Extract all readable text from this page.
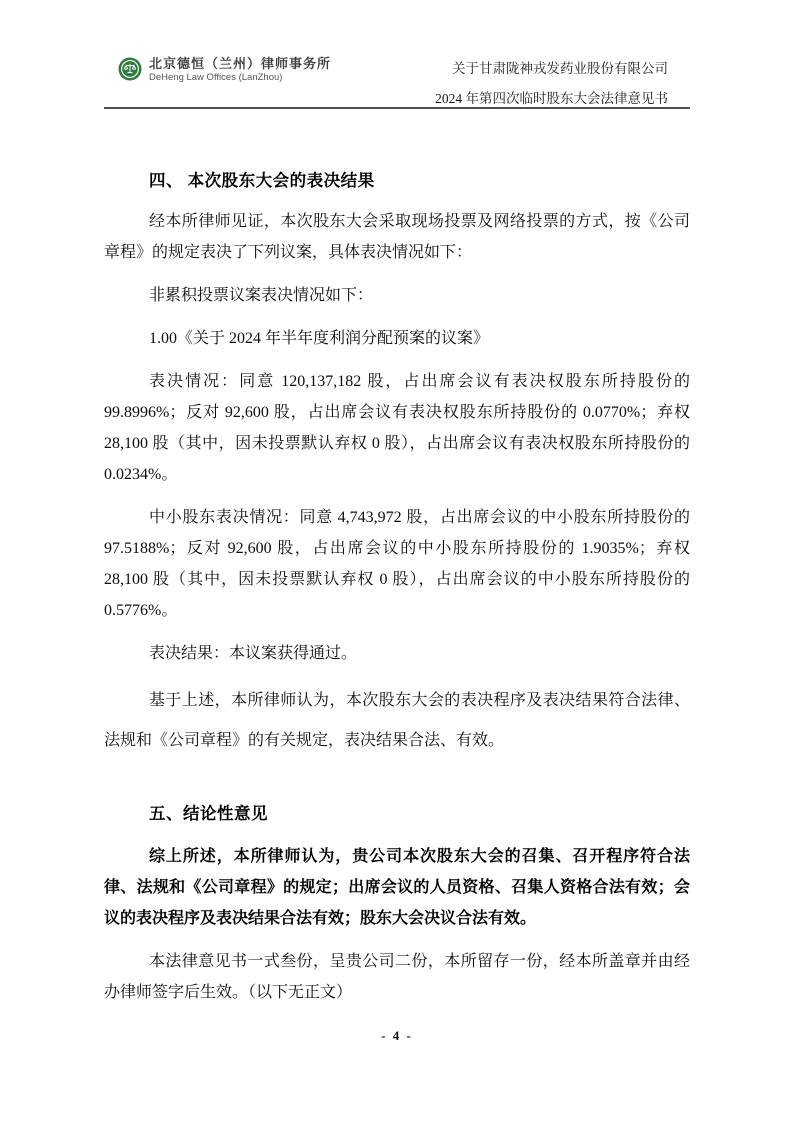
北京德恒（兰州）律师事务所
DeHeng Law Offices (LanZhou)
关于甘肃陇神戎发药业股份有限公司
2024 年第四次临时股东大会法律意见书
四、 本次股东大会的表决结果

经本所律师见证，本次股东大会采取现场投票及网络投票的方式，按《公司章程》的规定表决了下列议案，具体表决情况如下：

非累积投票议案表决情况如下：

1.00《关于 2024 年半年度利润分配预案的议案》

表决情况：同意 120,137,182 股，占出席会议有表决权股东所持股份的 99.8996%；反对 92,600 股，占出席会议有表决权股东所持股份的 0.0770%；弃权 28,100 股（其中，因未投票默认弃权 0 股），占出席会议有表决权股东所持股份的 0.0234%。

中小股东表决情况：同意 4,743,972 股，占出席会议的中小股东所持股份的 97.5188%；反对 92,600 股，占出席会议的中小股东所持股份的 1.9035%；弃权 28,100 股（其中，因未投票默认弃权 0 股），占出席会议的中小股东所持股份的 0.5776%。

表决结果：本议案获得通过。

基于上述，本所律师认为，本次股东大会的表决程序及表决结果符合法律、法规和《公司章程》的有关规定，表决结果合法、有效。

五、结论性意见

综上所述，本所律师认为，贵公司本次股东大会的召集、召开程序符合法律、法规和《公司章程》的规定；出席会议的人员资格、召集人资格合法有效；会议的表决程序及表决结果合法有效；股东大会决议合法有效。

本法律意见书一式叁份，呈贵公司二份，本所留存一份，经本所盖章并由经办律师签字后生效。（以下无正文）

- 4 -
